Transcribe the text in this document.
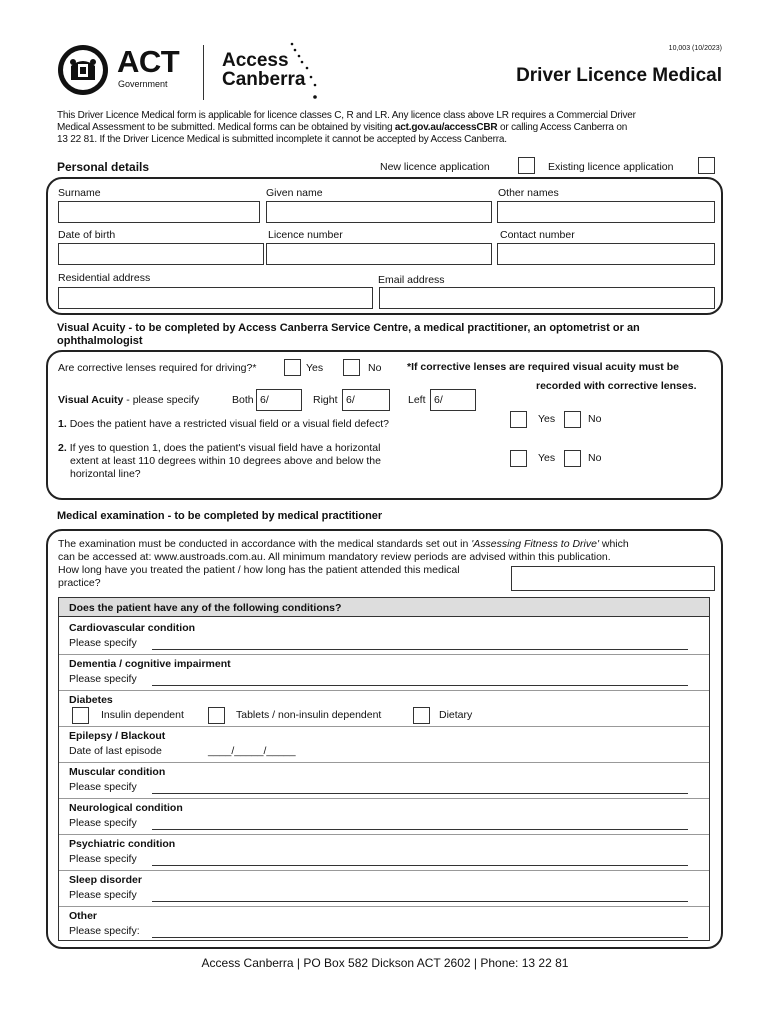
ACT
Government
Access
Canberra
10,003 (10/2023)
Driver Licence Medical
This Driver Licence Medical form is applicable for licence classes C, R and LR. Any licence class above LR requires a Commercial Driver
Medical Assessment to be submitted. Medical forms can be obtained by visiting act.gov.au/accessCBR or calling Access Canberra on
13 22 81. If the Driver Licence Medical is submitted incomplete it cannot be accepted by Access Canberra.
Personal details	New licence application	Existing licence application
Surname	Given name	Other names
Date of birth	Licence number	Contact number
Residential address	Email address
Visual Acuity - to be completed by Access Canberra Service Centre, a medical practitioner, an optometrist or an
ophthalmologist
Are corrective lenses required for driving?*	Yes	No *If corrective lenses are required visual acuity must be
recorded with corrective lenses.
Visual Acuity - please specify	Both 6/	Right 6/	Left 6/
1. Does the patient have a restricted visual field or a visual field defect?	Yes	No
2. If yes to question 1, does the patient's visual field have a horizontal
extent at least 110 degrees within 10 degrees above and below the
horizontal line?
Yes	No
Medical examination - to be completed by medical practitioner
The examination must be conducted in accordance with the medical standards set out in 'Assessing Fitness to Drive' which
can be accessed at: www.austroads.com.au. All minimum mandatory review periods are advised within this publication.
How long have you treated the patient / how long has the patient attended this medical
practice?
Does the patient have any of the following conditions?
Cardiovascular condition
Please specify
Dementia / cognitive impairment
Please specify
Diabetes
Insulin dependent	Tablets / non-insulin dependent	Dietary
Epilepsy / Blackout
Date of last episode	____/_____/_____
Muscular condition
Please specify
Neurological condition
Please specify
Psychiatric condition
Please specify
Sleep disorder
Please specify
Other
Please specify:
Access Canberra | PO Box 582 Dickson ACT 2602 | Phone: 13 22 81
